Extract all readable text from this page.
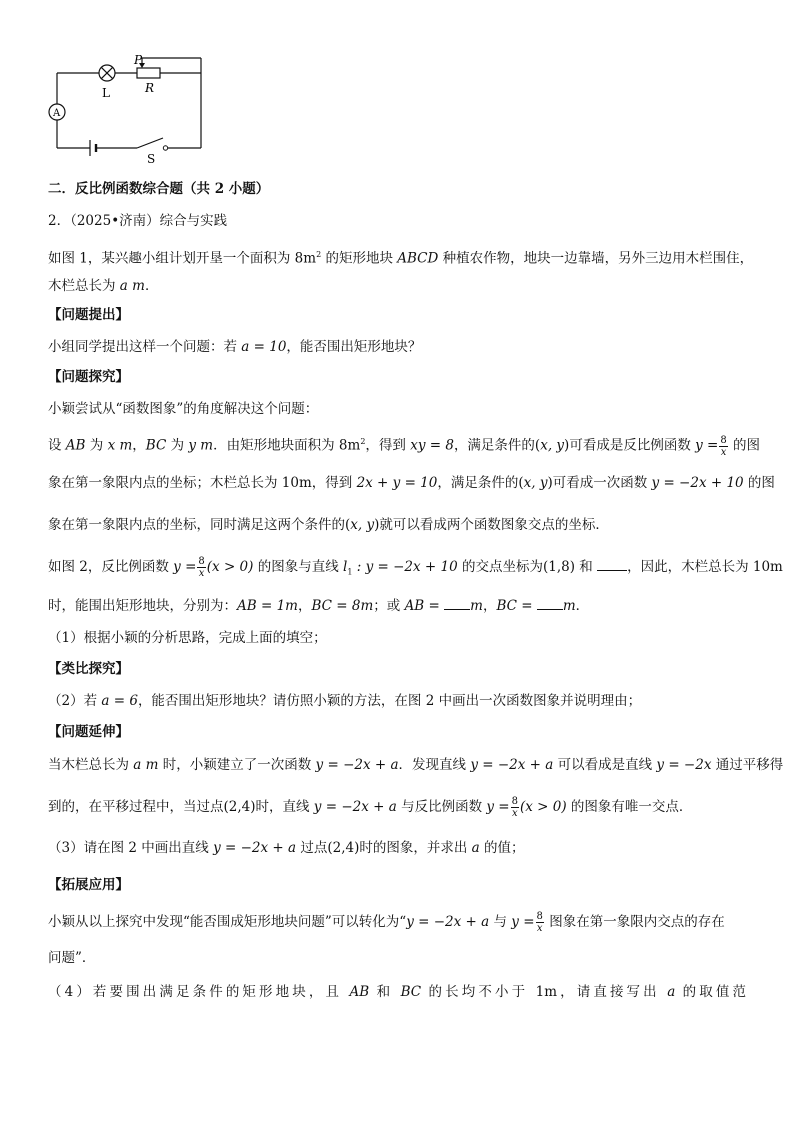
P
L	R
A
S
二．反比例函数综合题（共 2 小题）
2．（2025•济南）综合与实践
如图 1，某兴趣小组计划开垦一个面积为 $8m^2$ 的矩形地块 ABCD 种植农作物，地块一边靠墙，另外三边用木栏围住，
木栏总长为 a m．
【问题提出】
小组同学提出这样一个问题：若 a = 10，能否围出矩形地块？
【问题探究】
小颖尝试从“函数图象”的角度解决这个问题：
设 AB 为 x m，BC 为 y m．由矩形地块面积为 $8m^2$，得到 xy = 8，满足条件的(x, y)可看成是反比例函数 $y = \frac{8}{x}$ 的图
象在第一象限内点的坐标；木栏总长为 10m，得到 2x + y = 10，满足条件的(x, y)可看成一次函数 y = −2x + 10 的图
象在第一象限内点的坐标，同时满足这两个条件的(x, y)就可以看成两个函数图象交点的坐标．
如图 2，反比例函数 $y = \frac{8}{x} (x > 0)$ 的图象与直线 $l_1$ : y = −2x + 10 的交点坐标为(1,8) 和 ，因此，木栏总长为 10m
时，能围出矩形地块，分别为：AB = 1m，BC = 8m；或 AB = m，BC = m．
（1）根据小颖的分析思路，完成上面的填空；
【类比探究】
（2）若 a = 6，能否围出矩形地块？请仿照小颖的方法，在图 2 中画出一次函数图象并说明理由；
【问题延伸】
当木栏总长为 a m 时，小颖建立了一次函数 y = −2x + a．发现直线 y = −2x + a 可以看成是直线 y = −2x 通过平移得
到的，在平移过程中，当过点(2,4)时，直线 y = −2x + a 与反比例函数 $y = \frac{8}{x} (x > 0)$ 的图象有唯一交点．
（3）请在图 2 中画出直线 y = −2x + a 过点(2,4)时的图象，并求出 a 的值；
【拓展应用】
小颖从以上探究中发现“能否围成矩形地块问题”可以转化为“y = −2x + a 与 $y = \frac{8}{x}$ 图象在第一象限内交点的存在
问题”．
（4）若要围出满足条件的矩形地块，且 AB 和 BC 的长均不小于 1m，请直接写出 a 的取值范
